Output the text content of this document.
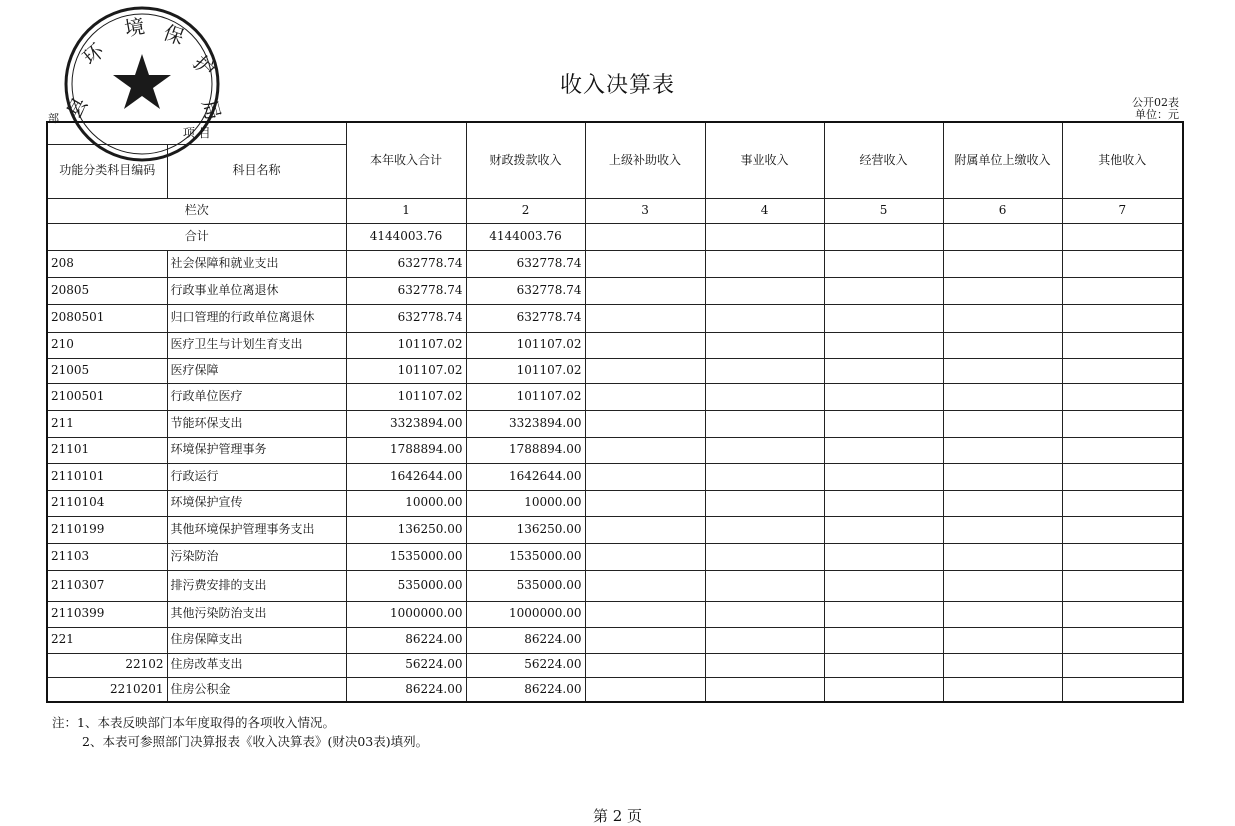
县
环
境 保
护
局
收入决算表
公开02表
单位：元
部
项 目		本年收入合计	财政拨款收入	上级补助收入	事业收入	经营收入	附属单位上缴收入	其他收入
功能分类科目编码	科目名称							
栏次		1	2	3	4	5	6	7
合计		4144003.76	4144003.76					
208	社会保障和就业支出	632778.74	632778.74					
20805	行政事业单位离退休	632778.74	632778.74					
2080501	归口管理的行政单位离退休	632778.74	632778.74					
210	医疗卫生与计划生育支出	101107.02	101107.02					
21005	医疗保障	101107.02	101107.02					
2100501	行政单位医疗	101107.02	101107.02					
211	节能环保支出	3323894.00	3323894.00					
21101	环境保护管理事务	1788894.00	1788894.00					
2110101	行政运行	1642644.00	1642644.00					
2110104	环境保护宣传	10000.00	10000.00					
2110199	其他环境保护管理事务支出	136250.00	136250.00					
21103	污染防治	1535000.00	1535000.00					
2110307	排污费安排的支出	535000.00	535000.00					
2110399	其他污染防治支出	1000000.00	1000000.00					
221	住房保障支出	86224.00	86224.00					
22102	住房改革支出	56224.00	56224.00					
2210201	住房公积金	86224.00	86224.00					
注：1、本表反映部门本年度取得的各项收入情况。
2、本表可参照部门决算报表《收入决算表》(财决03表)填列。
第 2 页
